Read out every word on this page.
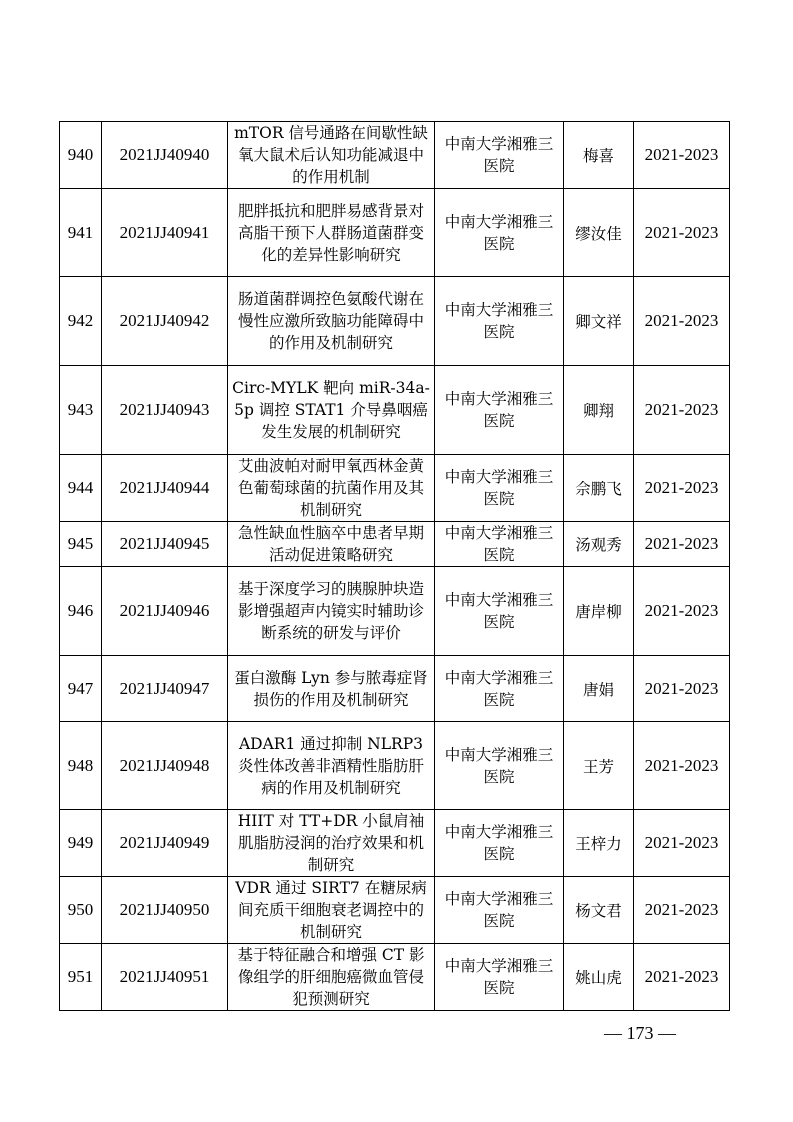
940	2021JJ40940	mTOR 信号通路在间歇性缺氧大鼠术后认知功能减退中的作用机制	中南大学湘雅三医院	梅喜	2021-2023
941	2021JJ40941	肥胖抵抗和肥胖易感背景对高脂干预下人群肠道菌群变化的差异性影响研究	中南大学湘雅三医院	缪汝佳	2021-2023
942	2021JJ40942	肠道菌群调控色氨酸代谢在慢性应激所致脑功能障碍中的作用及机制研究	中南大学湘雅三医院	卿文祥	2021-2023
943	2021JJ40943	Circ-MYLK 靶向 miR-34a-5p 调控 STAT1 介导鼻咽癌发生发展的机制研究	中南大学湘雅三医院	卿翔	2021-2023
944	2021JJ40944	艾曲波帕对耐甲氧西林金黄色葡萄球菌的抗菌作用及其机制研究	中南大学湘雅三医院	佘鹏飞	2021-2023
945	2021JJ40945	急性缺血性脑卒中患者早期活动促进策略研究	中南大学湘雅三医院	汤观秀	2021-2023
946	2021JJ40946	基于深度学习的胰腺肿块造影增强超声内镜实时辅助诊断系统的研发与评价	中南大学湘雅三医院	唐岸柳	2021-2023
947	2021JJ40947	蛋白激酶 Lyn 参与脓毒症肾损伤的作用及机制研究	中南大学湘雅三医院	唐娟	2021-2023
948	2021JJ40948	ADAR1 通过抑制 NLRP3 炎性体改善非酒精性脂肪肝病的作用及机制研究	中南大学湘雅三医院	王芳	2021-2023
949	2021JJ40949	HIIT 对 TT+DR 小鼠肩袖肌脂肪浸润的治疗效果和机制研究	中南大学湘雅三医院	王梓力	2021-2023
950	2021JJ40950	VDR 通过 SIRT7 在糖尿病间充质干细胞衰老调控中的机制研究	中南大学湘雅三医院	杨文君	2021-2023
951	2021JJ40951	基于特征融合和增强 CT 影像组学的肝细胞癌微血管侵犯预测研究	中南大学湘雅三医院	姚山虎	2021-2023
— 173 —
